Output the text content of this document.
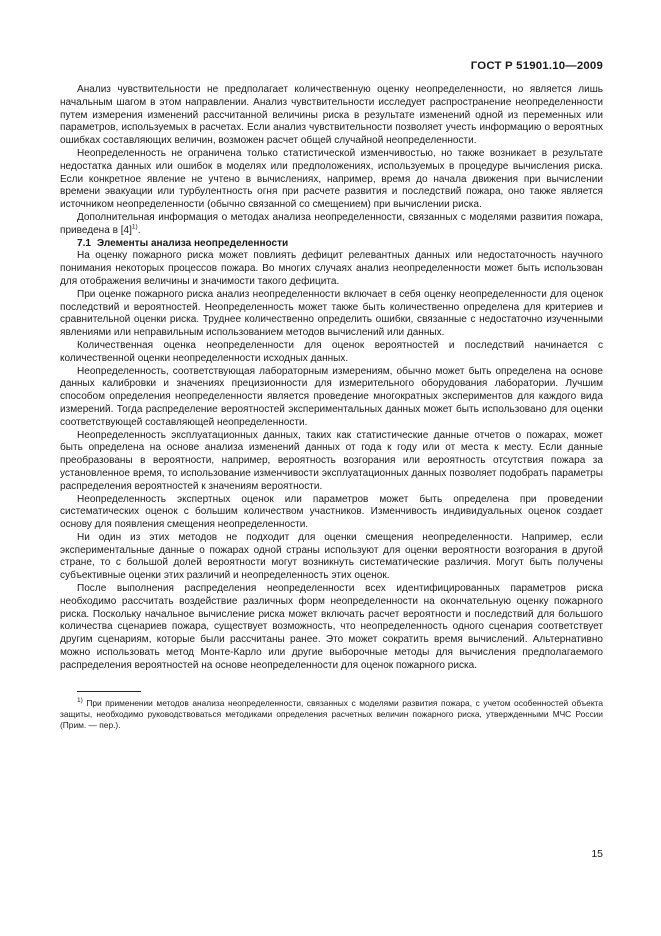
ГОСТ Р 51901.10—2009

Анализ чувствительности не предполагает количественную оценку неопределенности, но является лишь начальным шагом в этом направлении. Анализ чувствительности исследует распространение неопределенности путем измерения изменений рассчитанной величины риска в результате изменений одной из переменных или параметров, используемых в расчетах. Если анализ чувствительности позволяет учесть информацию о вероятных ошибках составляющих величин, возможен расчет общей случайной неопределенности.

Неопределенность не ограничена только статистической изменчивостью, но также возникает в результате недостатка данных или ошибок в моделях или предположениях, используемых в процедуре вычисления риска. Если конкретное явление не учтено в вычислениях, например, время до начала движения при вычислении времени эвакуации или турбулентность огня при расчете развития и последствий пожара, оно также является источником неопределенности (обычно связанной со смещением) при вычислении риска.

Дополнительная информация о методах анализа неопределенности, связанных с моделями развития пожара, приведена в $[4]^{1)}$.

7.1 Элементы анализа неопределенности

На оценку пожарного риска может повлиять дефицит релевантных данных или недостаточность научного понимания некоторых процессов пожара. Во многих случаях анализ неопределенности может быть использован для отображения величины и значимости такого дефицита.

При оценке пожарного риска анализ неопределенности включает в себя оценку неопределенности для оценок последствий и вероятностей. Неопределенность может также быть количественно определена для критериев и сравнительной оценки риска. Труднее количественно определить ошибки, связанные с недостаточно изученными явлениями или неправильным использованием методов вычислений или данных.

Количественная оценка неопределенности для оценок вероятностей и последствий начинается с количественной оценки неопределенности исходных данных.

Неопределенность, соответствующая лабораторным измерениям, обычно может быть определена на основе данных калибровки и значениях прецизионности для измерительного оборудования лаборатории. Лучшим способом определения неопределенности является проведение многократных экспериментов для каждого вида измерений. Тогда распределение вероятностей экспериментальных данных может быть использовано для оценки соответствующей составляющей неопределенности.

Неопределенность эксплуатационных данных, таких как статистические данные отчетов о пожарах, может быть определена на основе анализа изменений данных от года к году или от места к месту. Если данные преобразованы в вероятности, например, вероятность возгорания или вероятность отсутствия пожара за установленное время, то использование изменчивости эксплуатационных данных позволяет подобрать параметры распределения вероятностей к значениям вероятности.

Неопределенность экспертных оценок или параметров может быть определена при проведении систематических оценок с большим количеством участников. Изменчивость индивидуальных оценок создает основу для появления смещения неопределенности.

Ни один из этих методов не подходит для оценки смещения неопределенности. Например, если экспериментальные данные о пожарах одной страны используют для оценки вероятности возгорания в другой стране, то с большой долей вероятности могут возникнуть систематические различия. Могут быть получены субъективные оценки этих различий и неопределенность этих оценок.

После выполнения распределения неопределенности всех идентифицированных параметров риска необходимо рассчитать воздействие различных форм неопределенности на окончательную оценку пожарного риска. Поскольку начальное вычисление риска может включать расчет вероятности и последствий для большого количества сценариев пожара, существует возможность, что неопределенность одного сценария соответствует другим сценариям, которые были рассчитаны ранее. Это может сократить время вычислений. Альтернативно можно использовать метод Монте-Карло или другие выборочные методы для вычисления предполагаемого распределения вероятностей на основе неопределенности для оценок пожарного риска.

$^{1)}$ При применении методов анализа неопределенности, связанных с моделями развития пожара, с учетом особенностей объекта защиты, необходимо руководствоваться методиками определения расчетных величин пожарного риска, утвержденными МЧС России (Прим. — пер.).

15
